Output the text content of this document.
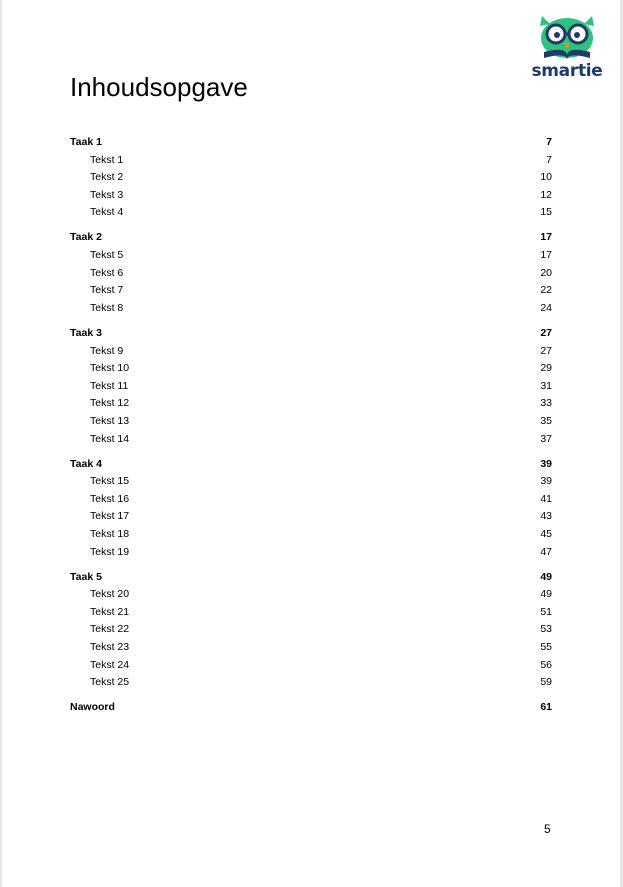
smartie
Inhoudsopgave
Taak 1	7
Tekst 1	7
Tekst 2	10
Tekst 3	12
Tekst 4	15
Taak 2	17
Tekst 5	17
Tekst 6	20
Tekst 7	22
Tekst 8	24
Taak 3	27
Tekst 9	27
Tekst 10	29
Tekst 11	31
Tekst 12	33
Tekst 13	35
Tekst 14	37
Taak 4	39
Tekst 15	39
Tekst 16	41
Tekst 17	43
Tekst 18	45
Tekst 19	47
Taak 5	49
Tekst 20	49
Tekst 21	51
Tekst 22	53
Tekst 23	55
Tekst 24	56
Tekst 25	59
Nawoord	61
5
